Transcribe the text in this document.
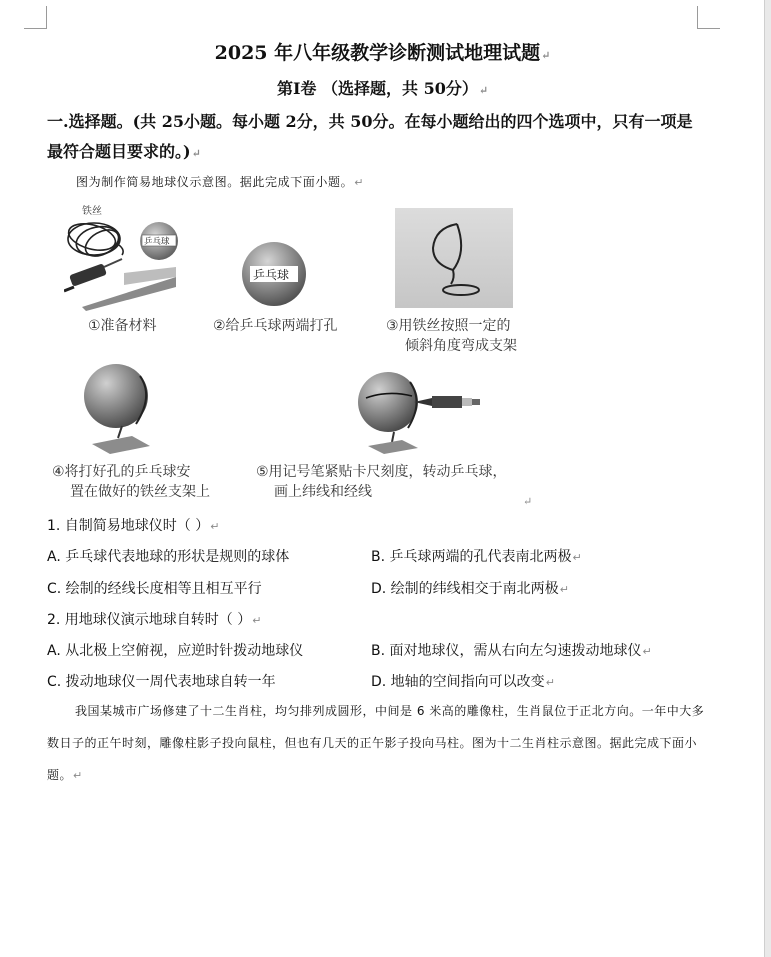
2025 年八年级教学诊断测试地理试题↵
第Ⅰ卷 （选择题，共 50分）↵
一.选择题。(共 25小题。每小题 2分，共 50分。在每小题给出的四个选项中，只有一项是最符合题目要求的。)↵
图为制作简易地球仪示意图。据此完成下面小题。↵
铁丝
乒乓球
乒乓球
①准备材料	②给乒乓球两端打孔	③用铁丝按照一定的
倾斜角度弯成支架
④将打好孔的乒乓球安
置在做好的铁丝支架上
⑤用记号笔紧贴卡尺刻度，转动乒乓球，
画上纬线和经线
↵
1. 自制简易地球仪时（ ）↵
A. 乒乓球代表地球的形状是规则的球体	B. 乒乓球两端的孔代表南北两极↵
C. 绘制的经线长度相等且相互平行	D. 绘制的纬线相交于南北两极↵
2. 用地球仪演示地球自转时（ ）↵
A. 从北极上空俯视，应逆时针拨动地球仪	B. 面对地球仪，需从右向左匀速拨动地球仪↵
C. 拨动地球仪一周代表地球自转一年	D. 地轴的空间指向可以改变↵
我国某城市广场修建了十二生肖柱，均匀排列成圆形，中间是 6 米高的雕像柱，生肖鼠位于正北方向。一年中大多数日子的正午时刻，雕像柱影子投向鼠柱，但也有几天的正午影子投向马柱。图为十二生肖柱示意图。据此完成下面小题。↵
